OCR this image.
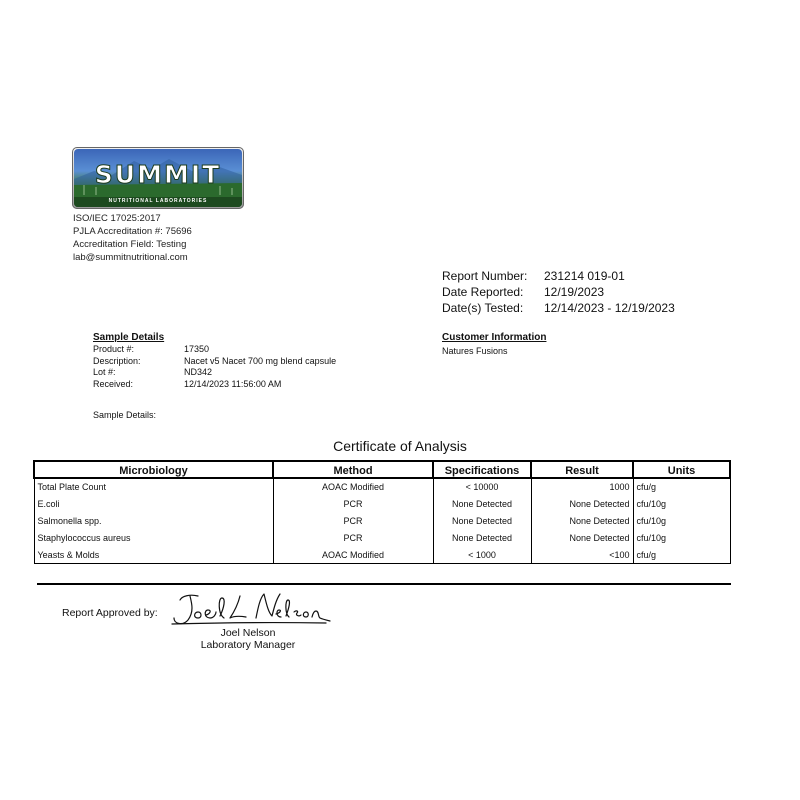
SUMMIT
NUTRITIONAL LABORATORIES
ISO/IEC 17025:2017
PJLA Accreditation #: 75696
Accreditation Field: Testing
lab@summitnutritional.com
Report Number:	231214 019-01
Date Reported:	12/19/2023
Date(s) Tested:	12/14/2023 - 12/19/2023
Sample Details
Product #:	17350
Description:	Nacet v5 Nacet 700 mg blend capsule
Lot #:	ND342
Received:	12/14/2023 11:56:00 AM
Sample Details:
Customer Information
Natures Fusions
Certificate of Analysis
Microbiology	Method	Specifications	Result	Units
Total Plate Count	AOAC Modified	< 10000	1000	cfu/g
E.coli	PCR	None Detected	None Detected	cfu/10g
Salmonella spp.	PCR	None Detected	None Detected	cfu/10g
Staphylococcus aureus	PCR	None Detected	None Detected	cfu/10g
Yeasts & Molds	AOAC Modified	< 1000	<100	cfu/g
Report Approved by:
Joel Nelson
Laboratory Manager
